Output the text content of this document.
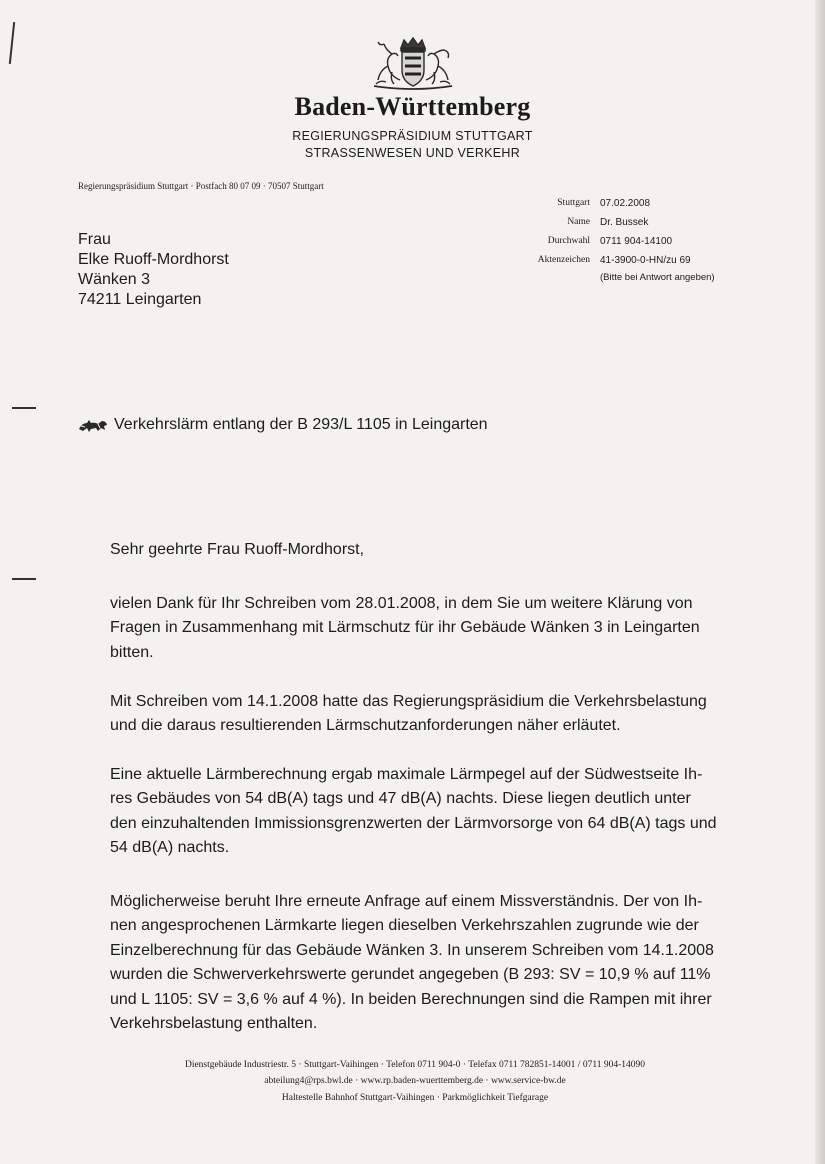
Baden-Württemberg
REGIERUNGSPRÄSIDIUM STUTTGART
STRASSENWESEN UND VERKEHR
Regierungspräsidium Stuttgart · Postfach 80 07 09 · 70507 Stuttgart
Frau
Elke Ruoff-Mordhorst
Wänken 3
74211 Leingarten
Stuttgart	07.02.2008
Name	Dr. Bussek
Durchwahl	0711 904-14100
Aktenzeichen	41-3900-0-HN/zu 69
(Bitte bei Antwort angeben)
Verkehrslärm entlang der B 293/L 1105 in Leingarten
Sehr geehrte Frau Ruoff-Mordhorst,
vielen Dank für Ihr Schreiben vom 28.01.2008, in dem Sie um weitere Klärung von
Fragen in Zusammenhang mit Lärmschutz für ihr Gebäude Wänken 3 in Leingarten
bitten.
Mit Schreiben vom 14.1.2008 hatte das Regierungspräsidium die Verkehrsbelastung
und die daraus resultierenden Lärmschutzanforderungen näher erläutet.
Eine aktuelle Lärmberechnung ergab maximale Lärmpegel auf der Südwestseite Ih-
res Gebäudes von 54 dB(A) tags und 47 dB(A) nachts. Diese liegen deutlich unter
den einzuhaltenden Immissionsgrenzwerten der Lärmvorsorge von 64 dB(A) tags und
54 dB(A) nachts.
Möglicherweise beruht Ihre erneute Anfrage auf einem Missverständnis. Der von Ih-
nen angesprochenen Lärmkarte liegen dieselben Verkehrszahlen zugrunde wie der
Einzelberechnung für das Gebäude Wänken 3. In unserem Schreiben vom 14.1.2008
wurden die Schwerverkehrswerte gerundet angegeben (B 293: SV = 10,9 % auf 11%
und L 1105: SV = 3,6 % auf 4 %). In beiden Berechnungen sind die Rampen mit ihrer
Verkehrsbelastung enthalten.
Dienstgebäude Industriestr. 5 · Stuttgart-Vaihingen · Telefon 0711 904-0 · Telefax 0711 782851-14001 / 0711 904-14090
abteilung4@rps.bwl.de · www.rp.baden-wuerttemberg.de · www.service-bw.de
Haltestelle Bahnhof Stuttgart-Vaihingen · Parkmöglichkeit Tiefgarage
